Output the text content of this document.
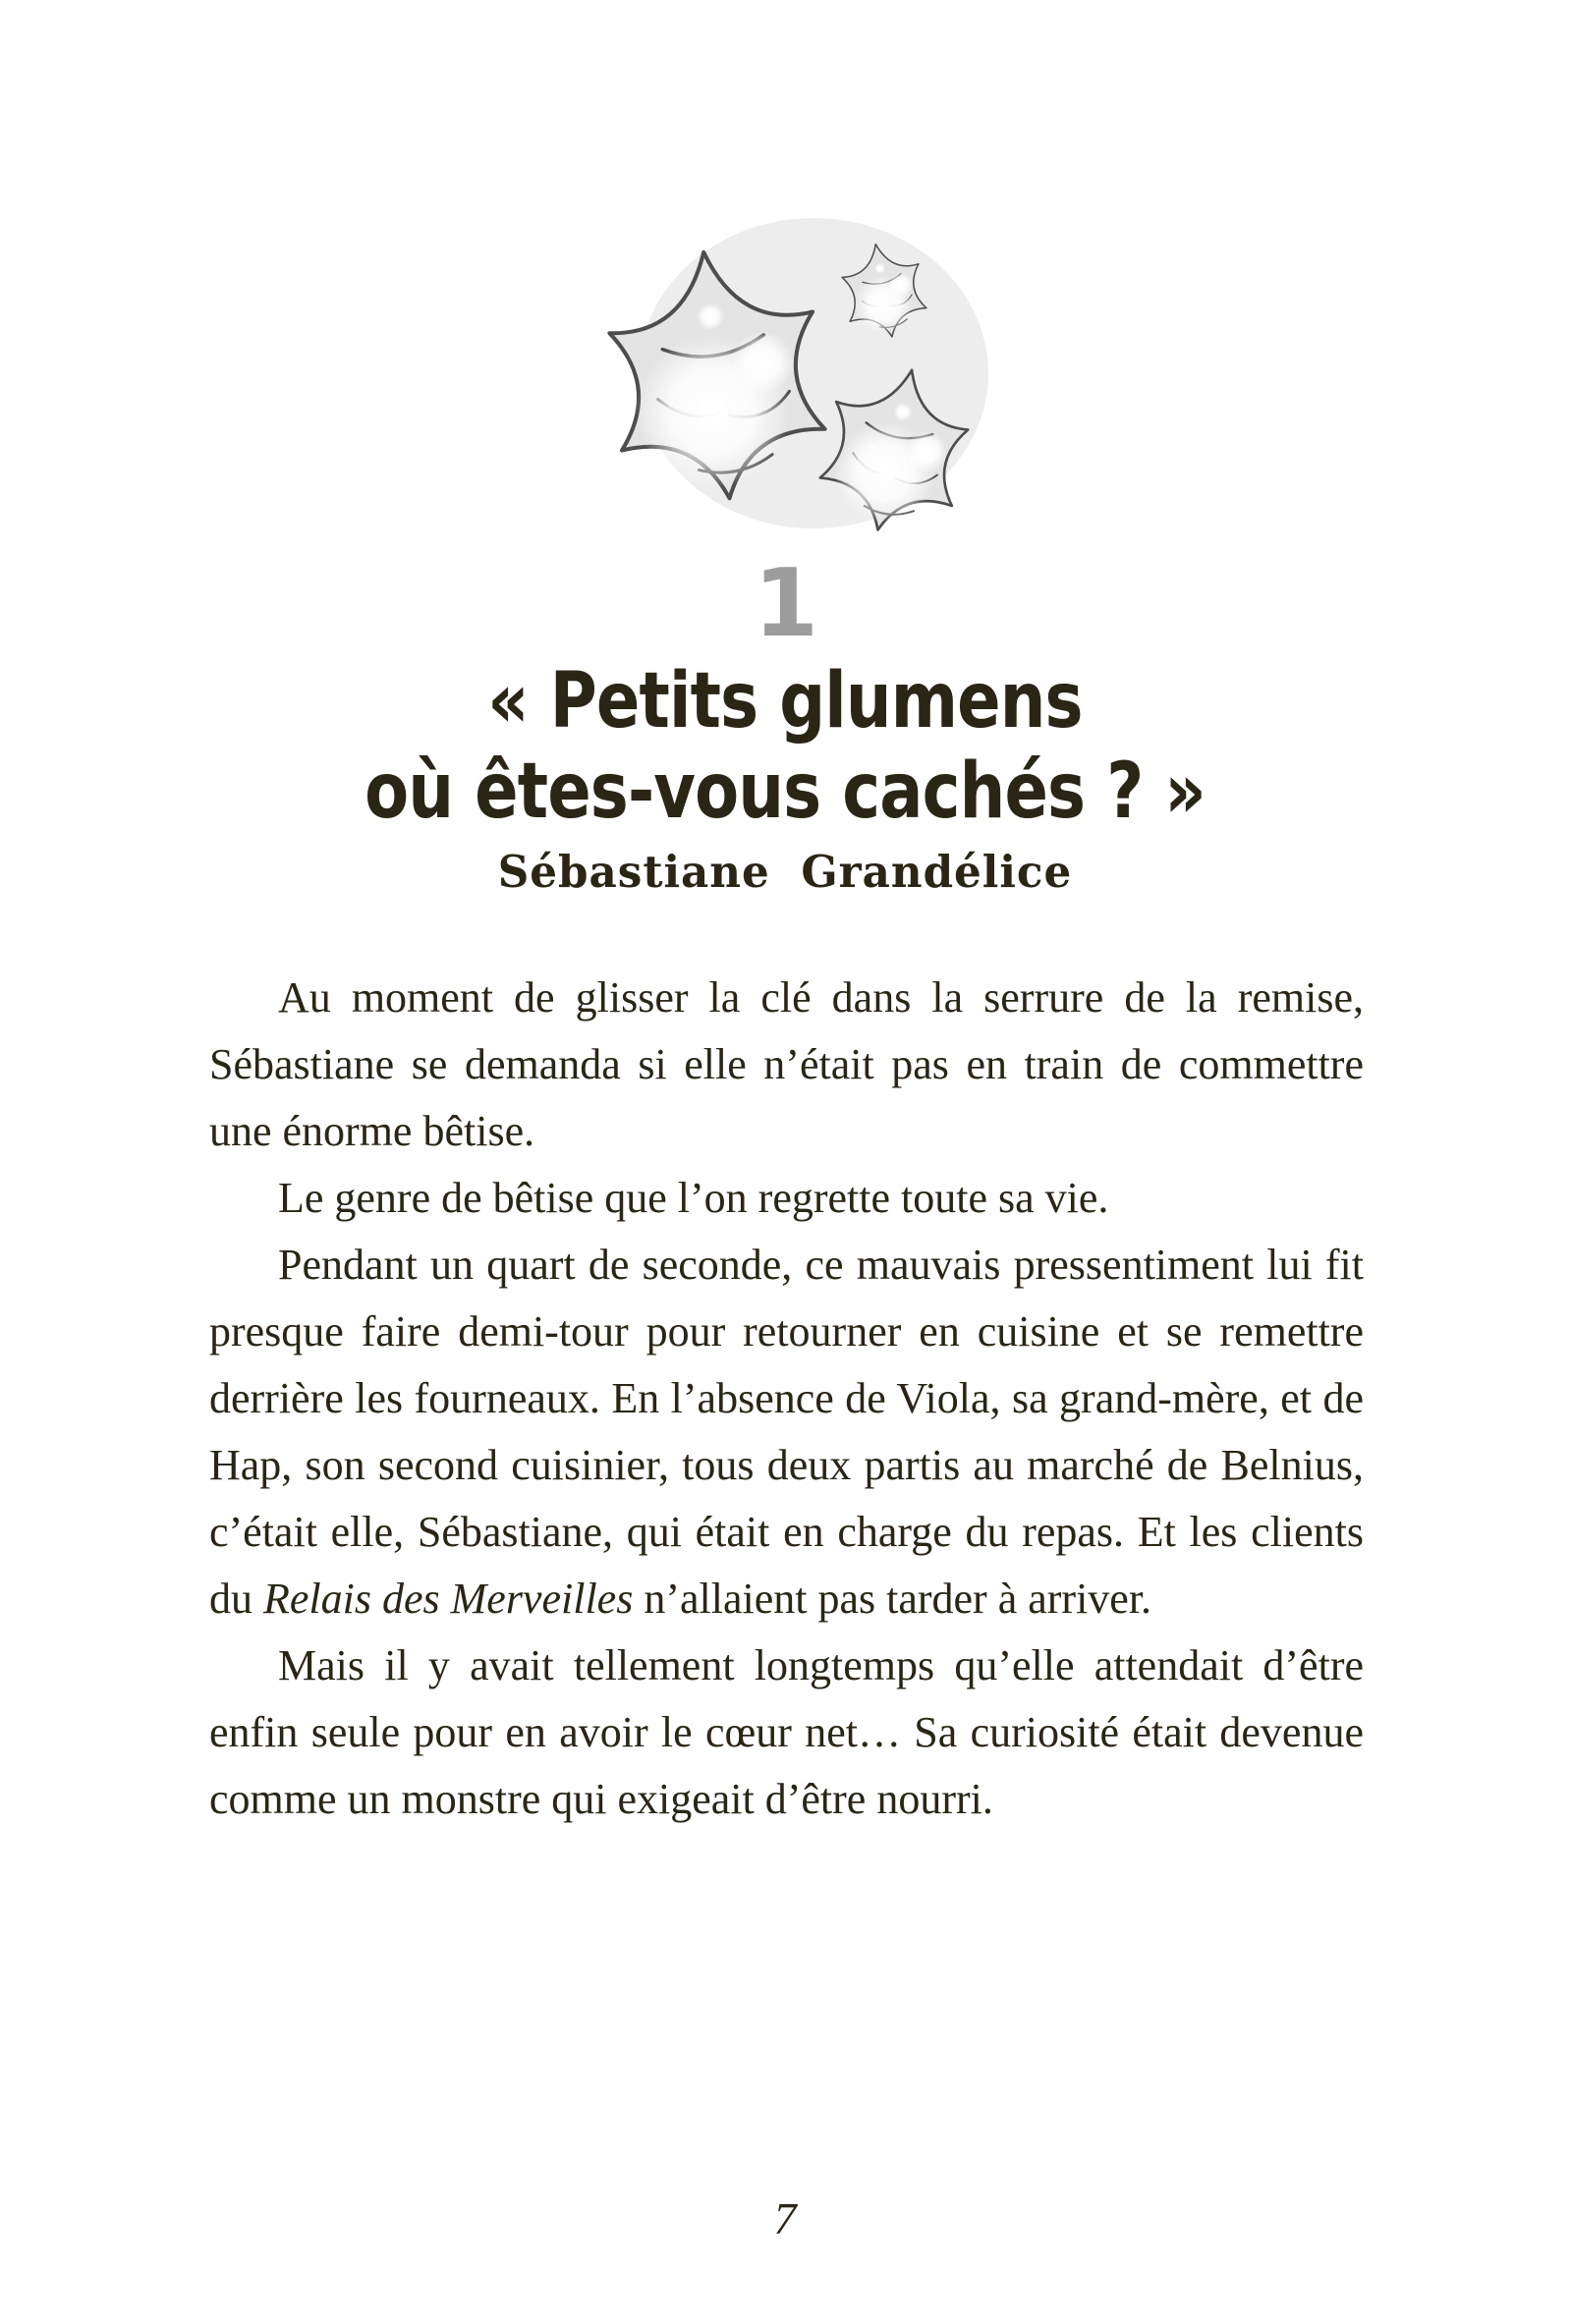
1
« Petits glumens
où êtes-vous cachés ? »
Sébastiane Grandélice

Au moment de glisser la clé dans la serrure de la remise, Sébastiane se demanda si elle n’était pas en train de commettre une énorme bêtise.

Le genre de bêtise que l’on regrette toute sa vie.

Pendant un quart de seconde, ce mauvais pressentiment lui fit presque faire demi-tour pour retourner en cuisine et se remettre derrière les fourneaux. En l’absence de Viola, sa grand-mère, et de Hap, son second cuisinier, tous deux partis au marché de Belnius, c’était elle, Sébastiane, qui était en charge du repas. Et les clients du Relais des Merveilles n’allaient pas tarder à arriver.

Mais il y avait tellement longtemps qu’elle attendait d’être enfin seule pour en avoir le cœur net… Sa curiosité était devenue comme un monstre qui exigeait d’être nourri.

7
